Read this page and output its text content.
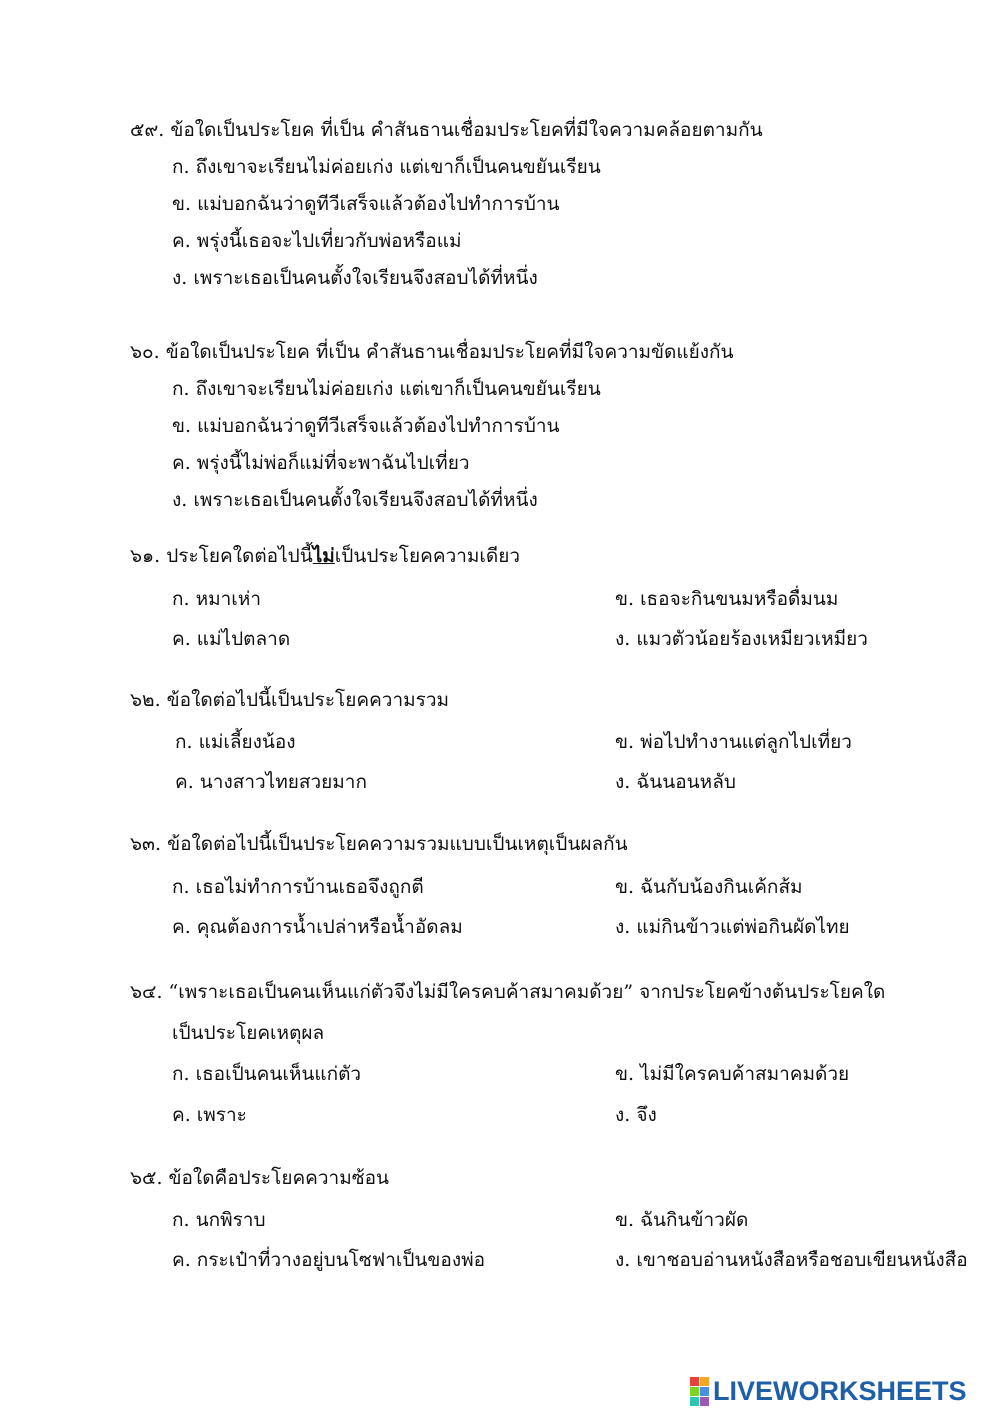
๕๙. ข้อใดเป็นประโยค ที่เป็น คำสันธานเชื่อมประโยคที่มีใจความคล้อยตามกัน
ก. ถึงเขาจะเรียนไม่ค่อยเก่ง แต่เขาก็เป็นคนขยันเรียน
ข. แม่บอกฉันว่าดูทีวีเสร็จแล้วต้องไปทำการบ้าน
ค. พรุ่งนี้เธอจะไปเที่ยวกับพ่อหรือแม่
ง. เพราะเธอเป็นคนตั้งใจเรียนจึงสอบได้ที่หนึ่ง
๖๐. ข้อใดเป็นประโยค ที่เป็น คำสันธานเชื่อมประโยคที่มีใจความขัดแย้งกัน
ก. ถึงเขาจะเรียนไม่ค่อยเก่ง แต่เขาก็เป็นคนขยันเรียน
ข. แม่บอกฉันว่าดูทีวีเสร็จแล้วต้องไปทำการบ้าน
ค. พรุ่งนี้ไม่พ่อก็แม่ที่จะพาฉันไปเที่ยว
ง. เพราะเธอเป็นคนตั้งใจเรียนจึงสอบได้ที่หนึ่ง
๖๑. ประโยคใดต่อไปนี้ไม่เป็นประโยคความเดียว
ก. หมาเห่า	ข. เธอจะกินขนมหรือดื่มนม
ค. แม่ไปตลาด	ง. แมวตัวน้อยร้องเหมียวเหมียว
๖๒. ข้อใดต่อไปนี้เป็นประโยคความรวม
ก. แม่เลี้ยงน้อง	ข. พ่อไปทำงานแต่ลูกไปเที่ยว
ค. นางสาวไทยสวยมาก	ง. ฉันนอนหลับ
๖๓. ข้อใดต่อไปนี้เป็นประโยคความรวมแบบเป็นเหตุเป็นผลกัน
ก. เธอไม่ทำการบ้านเธอจึงถูกตี	ข. ฉันกับน้องกินเค้กส้ม
ค. คุณต้องการน้ำเปล่าหรือน้ำอัดลม	ง. แม่กินข้าวแต่พ่อกินผัดไทย
๖๔. “เพราะเธอเป็นคนเห็นแก่ตัวจึงไม่มีใครคบค้าสมาคมด้วย” จากประโยคข้างต้นประโยคใด
เป็นประโยคเหตุผล
ก. เธอเป็นคนเห็นแก่ตัว	ข. ไม่มีใครคบค้าสมาคมด้วย
ค. เพราะ	ง. จึง
๖๕. ข้อใดคือประโยคความซ้อน
ก. นกพิราบ	ข. ฉันกินข้าวผัด
ค. กระเป๋าที่วางอยู่บนโซฟาเป็นของพ่อ	ง. เขาชอบอ่านหนังสือหรือชอบเขียนหนังสือ
LIVEWORKSHEETS
